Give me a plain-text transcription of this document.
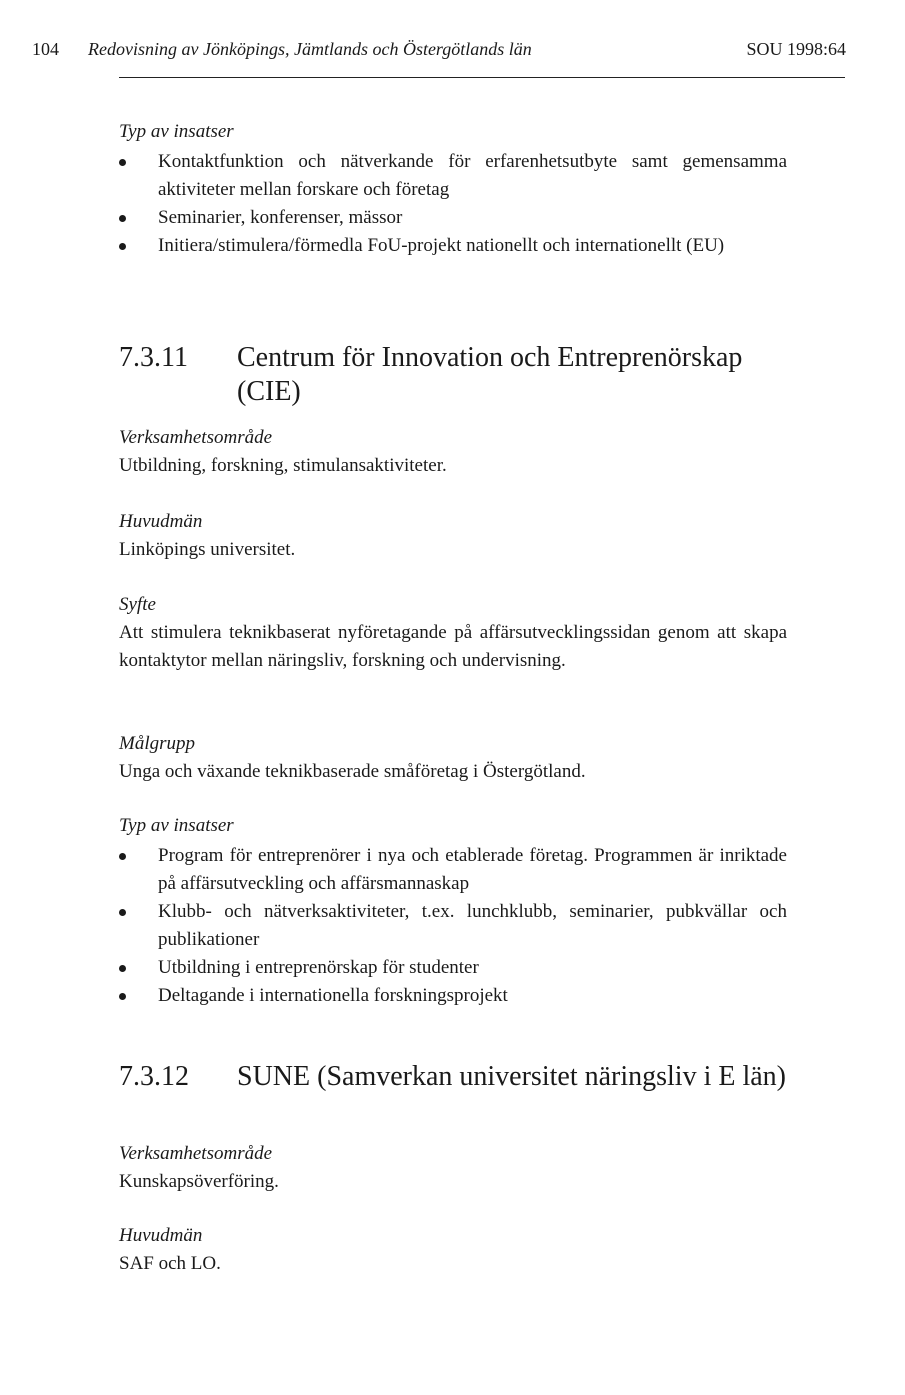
104 Redovisning av Jönköpings, Jämtlands och Östergötlands län	SOU 1998:64
Typ av insatser
Kontaktfunktion och nätverkande för erfarenhetsutbyte samt gemensamma aktiviteter mellan forskare och företag
Seminarier, konferenser, mässor
Initiera/stimulera/förmedla FoU-projekt nationellt och internationellt (EU)
7.3.11 Centrum för Innovation och Entreprenörskap (CIE)
Verksamhetsområde

Utbildning, forskning, stimulansaktiviteter.

Huvudmän

Linköpings universitet.

Syfte

Att stimulera teknikbaserat nyföretagande på affärsutvecklingssidan genom att skapa kontaktytor mellan näringsliv, forskning och undervisning.

Målgrupp

Unga och växande teknikbaserade småföretag i Östergötland.

Typ av insatser
Program för entreprenörer i nya och etablerade företag. Programmen är inriktade på affärsutveckling och affärsmannaskap
Klubb- och nätverksaktiviteter, t.ex. lunchklubb, seminarier, pubkvällar och publikationer
Utbildning i entreprenörskap för studenter
Deltagande i internationella forskningsprojekt
7.3.12 SUNE (Samverkan universitet näringsliv i E län)
Verksamhetsområde

Kunskapsöverföring.

Huvudmän

SAF och LO.
